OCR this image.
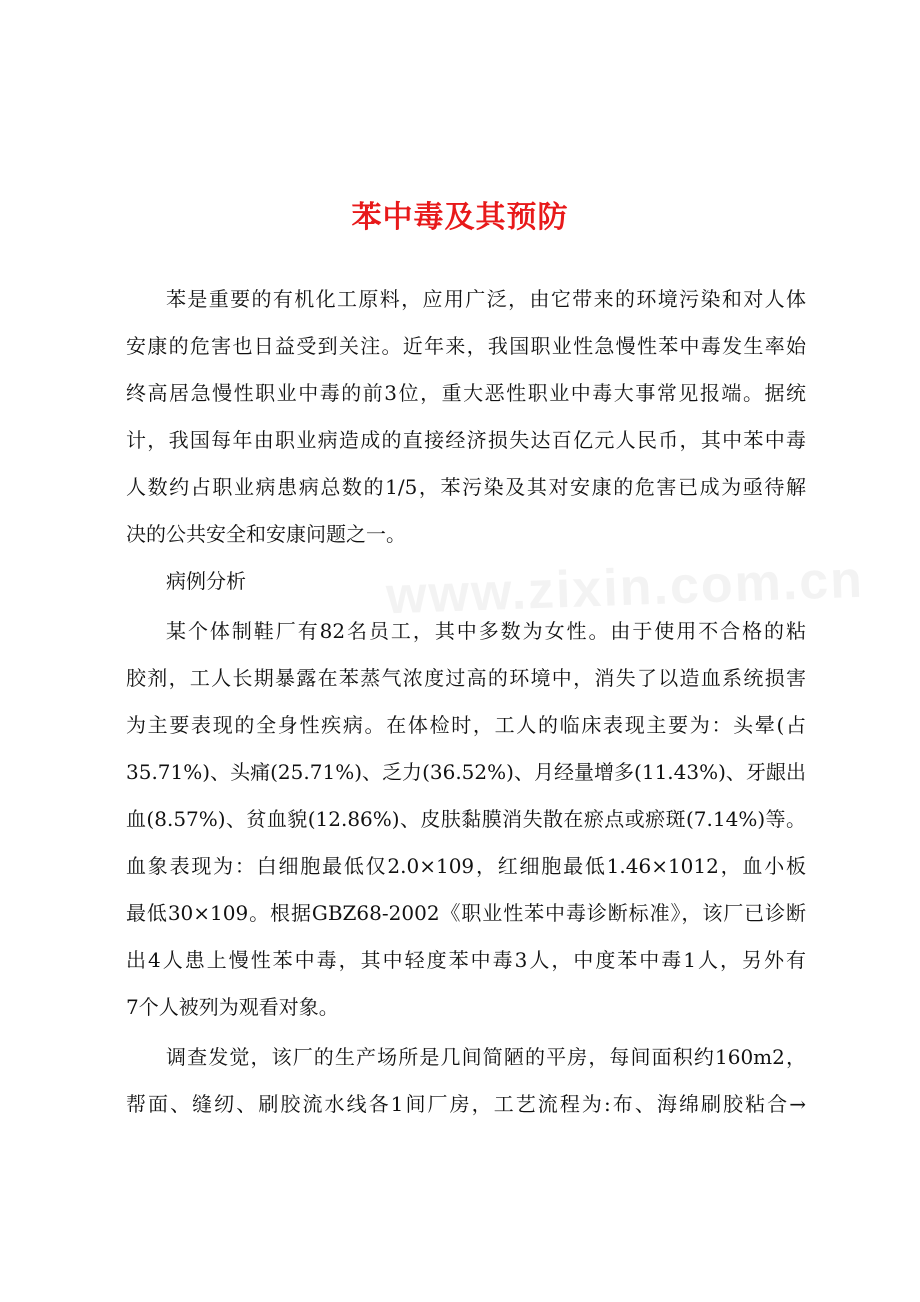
苯中毒及其预防
www.zixin.com.cn
苯是重要的有机化工原料，应用广泛，由它带来的环境污染和对人体
安康的危害也日益受到关注。近年来，我国职业性急慢性苯中毒发生率始
终高居急慢性职业中毒的前3位，重大恶性职业中毒大事常见报端。据统
计，我国每年由职业病造成的直接经济损失达百亿元人民币，其中苯中毒
人数约占职业病患病总数的1/5，苯污染及其对安康的危害已成为亟待解
决的公共安全和安康问题之一。
病例分析
某个体制鞋厂有82名员工，其中多数为女性。由于使用不合格的粘
胶剂，工人长期暴露在苯蒸气浓度过高的环境中，消失了以造血系统损害
为主要表现的全身性疾病。在体检时，工人的临床表现主要为：头晕(占
35.71%)、头痛(25.71%)、乏力(36.52%)、月经量增多(11.43%)、牙龈出
血(8.57%)、贫血貌(12.86%)、皮肤黏膜消失散在瘀点或瘀斑(7.14%)等。
血象表现为：白细胞最低仅2.0×109，红细胞最低1.46×1012，血小板
最低30×109。根据GBZ68-2002《职业性苯中毒诊断标准》，该厂已诊断
出4人患上慢性苯中毒，其中轻度苯中毒3人，中度苯中毒1人，另外有
7个人被列为观看对象。
调查发觉，该厂的生产场所是几间简陋的平房，每间面积约160m2，
帮面、缝纫、刷胶流水线各1间厂房，工艺流程为:布、海绵刷胶粘合→
